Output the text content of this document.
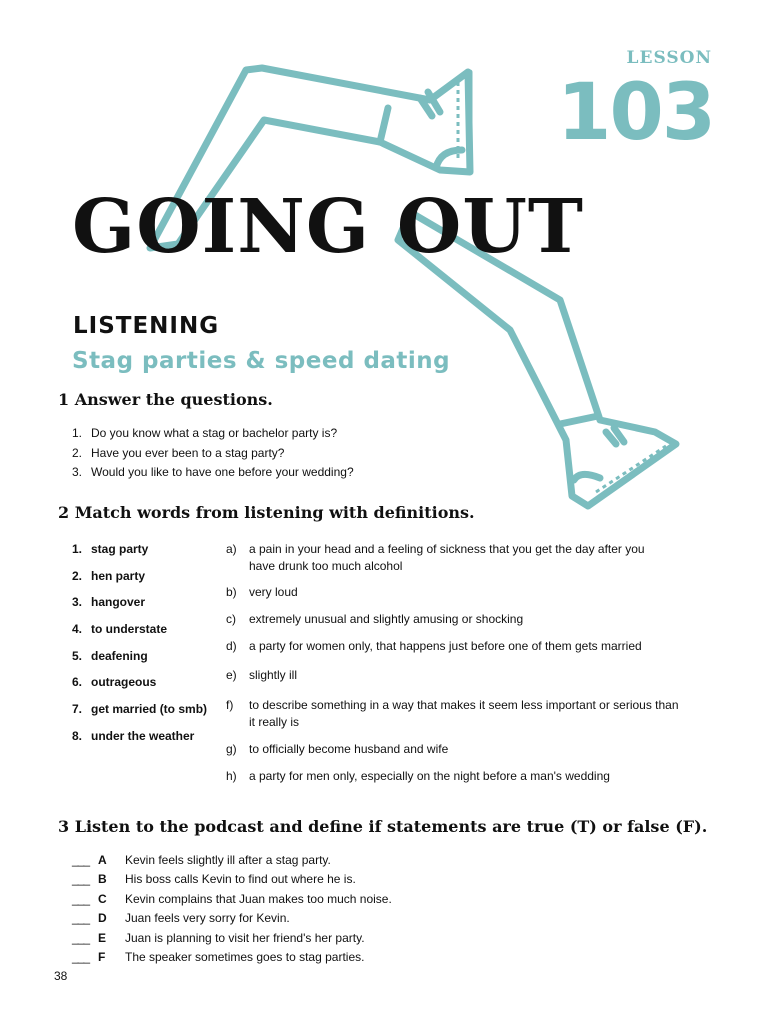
LESSON
103
GOING OUT
LISTENING
Stag parties & speed dating
1 Answer the questions.
1. Do you know what a stag or bachelor party is?
2. Have you ever been to a stag party?
3. Would you like to have one before your wedding?
2 Match words from listening with definitions.
1. stag party
2. hen party
3. hangover
4. to understate
5. deafening
6. outrageous
7. get married (to smb)
8. under the weather
a) a pain in your head and a feeling of sickness that you get the day after you have drunk too much alcohol
b) very loud
c) extremely unusual and slightly amusing or shocking
d) a party for women only, that happens just before one of them gets married
e) slightly ill
f) to describe something in a way that makes it seem less important or serious than it really is
g) to officially become husband and wife
h) a party for men only, especially on the night before a man's wedding
3 Listen to the podcast and define if statements are true (T) or false (F).
___ A Kevin feels slightly ill after a stag party.
___ B His boss calls Kevin to find out where he is.
___ C Kevin complains that Juan makes too much noise.
___ D Juan feels very sorry for Kevin.
___ E Juan is planning to visit her friend's her party.
___ F The speaker sometimes goes to stag parties.
38
